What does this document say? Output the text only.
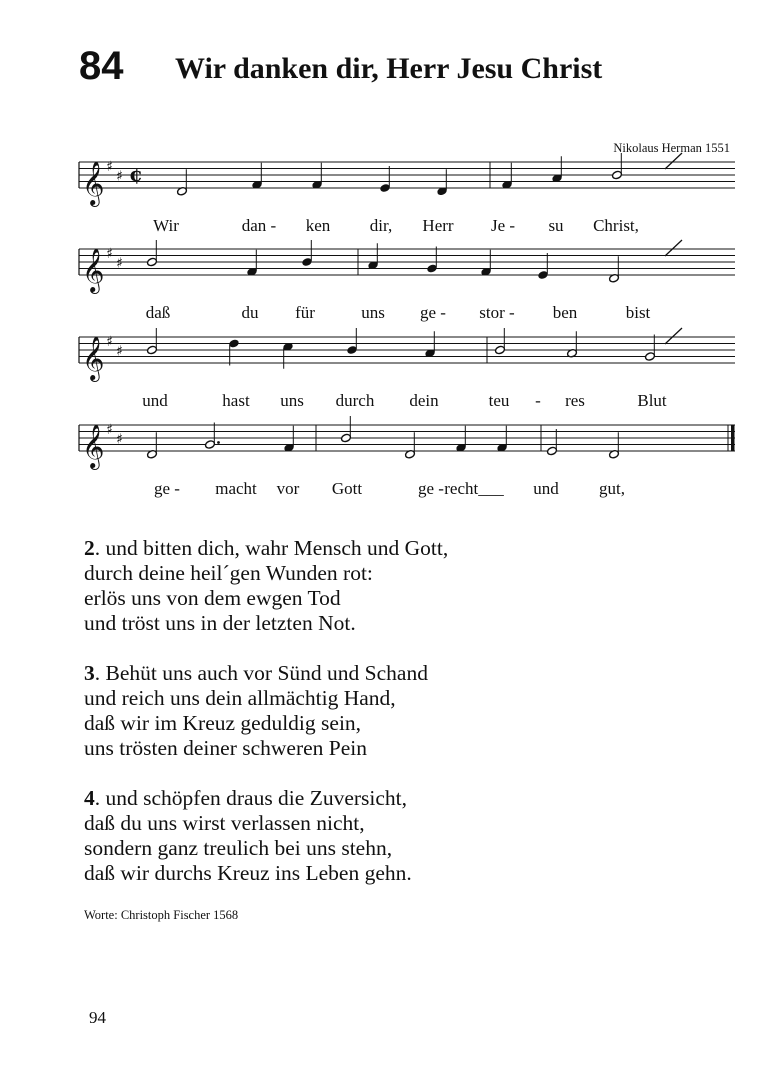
84 Wir danken dir, Herr Jesu Christ
Nikolaus Herman 1551
𝄞 ♯
♯ ¢
𝄞 ♯
♯
𝄞 ♯
♯
𝄞 ♯
♯
Wir	dan - ken dir, Herr Je - su Christ,
daß	du für	uns ge - stor - ben	bist
und	hast uns durch dein	teu - res	Blut
ge - macht vor Gott	ge - recht___ und gut,
2. und bitten dich, wahr Mensch und Gott,
durch deine heil´gen Wunden rot:
erlös uns von dem ewgen Tod
und tröst uns in der letzten Not.
3. Behüt uns auch vor Sünd und Schand
und reich uns dein allmächtig Hand,
daß wir im Kreuz geduldig sein,
uns trösten deiner schweren Pein
4. und schöpfen draus die Zuversicht,
daß du uns wirst verlassen nicht,
sondern ganz treulich bei uns stehn,
daß wir durchs Kreuz ins Leben gehn.
Worte: Christoph Fischer 1568
94
